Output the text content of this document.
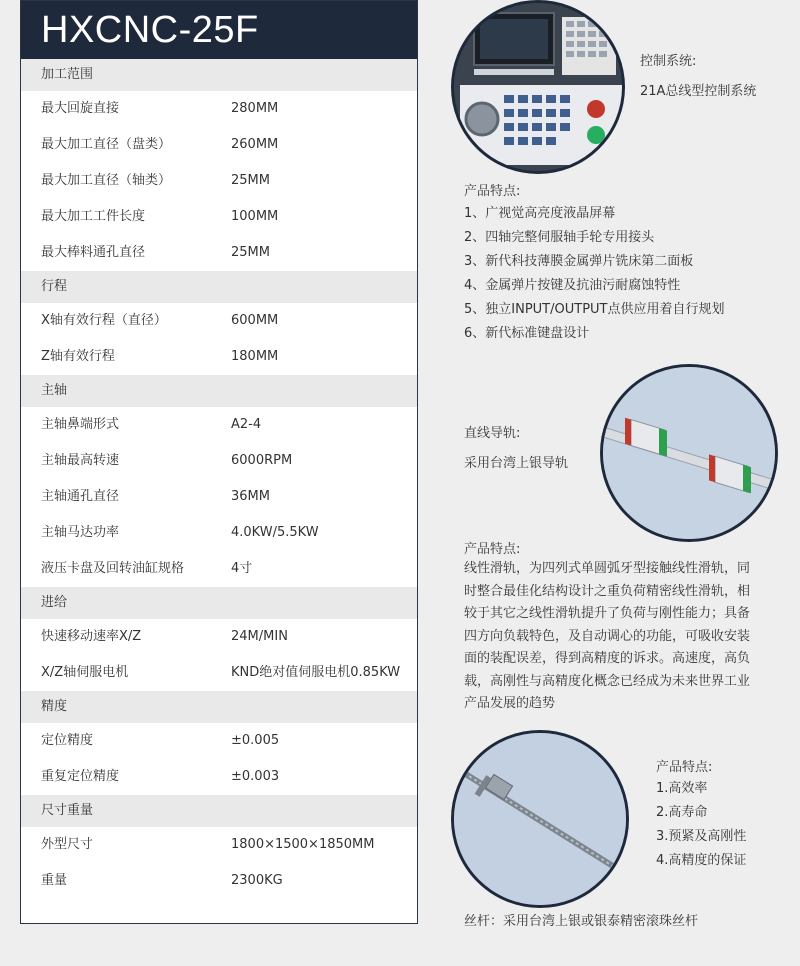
HXCNC-25F
加工范围
最大回旋直接	280MM
最大加工直径（盘类）	260MM
最大加工直径（轴类）	25MM
最大加工工件长度	100MM
最大棒料通孔直径	25MM
行程
X轴有效行程（直径）	600MM
Z轴有效行程	180MM
主轴
主轴鼻端形式	A2-4
主轴最高转速	6000RPM
主轴通孔直径	36MM
主轴马达功率	4.0KW/5.5KW
液压卡盘及回转油缸规格	4寸
进给
快速移动速率X/Z	24M/MIN
X/Z轴伺服电机	KND绝对值伺服电机0.85KW
精度
定位精度	±0.005
重复定位精度	±0.003
尺寸重量
外型尺寸	1800×1500×1850MM
重量	2300KG
控制系统:
21A总线型控制系统
产品特点:
1、广视觉高亮度液晶屏幕
2、四轴完整伺服轴手轮专用接头
3、新代科技薄膜金属弹片铣床第二面板
4、金属弹片按键及抗油污耐腐蚀特性
5、独立INPUT/OUTPUT点供应用着自行规划
6、新代标准键盘设计
直线导轨:
采用台湾上银导轨
产品特点:
线性滑轨，为四列式单圆弧牙型接触线性滑轨，同
时整合最佳化结构设计之重负荷精密线性滑轨，相
较于其它之线性滑轨提升了负荷与刚性能力；具备
四方向负载特色，及自动调心的功能，可吸收安装
面的装配误差，得到高精度的诉求。高速度，高负
载，高刚性与高精度化概念已经成为未来世界工业
产品发展的趋势
产品特点:
1.高效率
2.高寿命
3.预紧及高刚性
4.高精度的保证
丝杆：采用台湾上银或银泰精密滚珠丝杆
